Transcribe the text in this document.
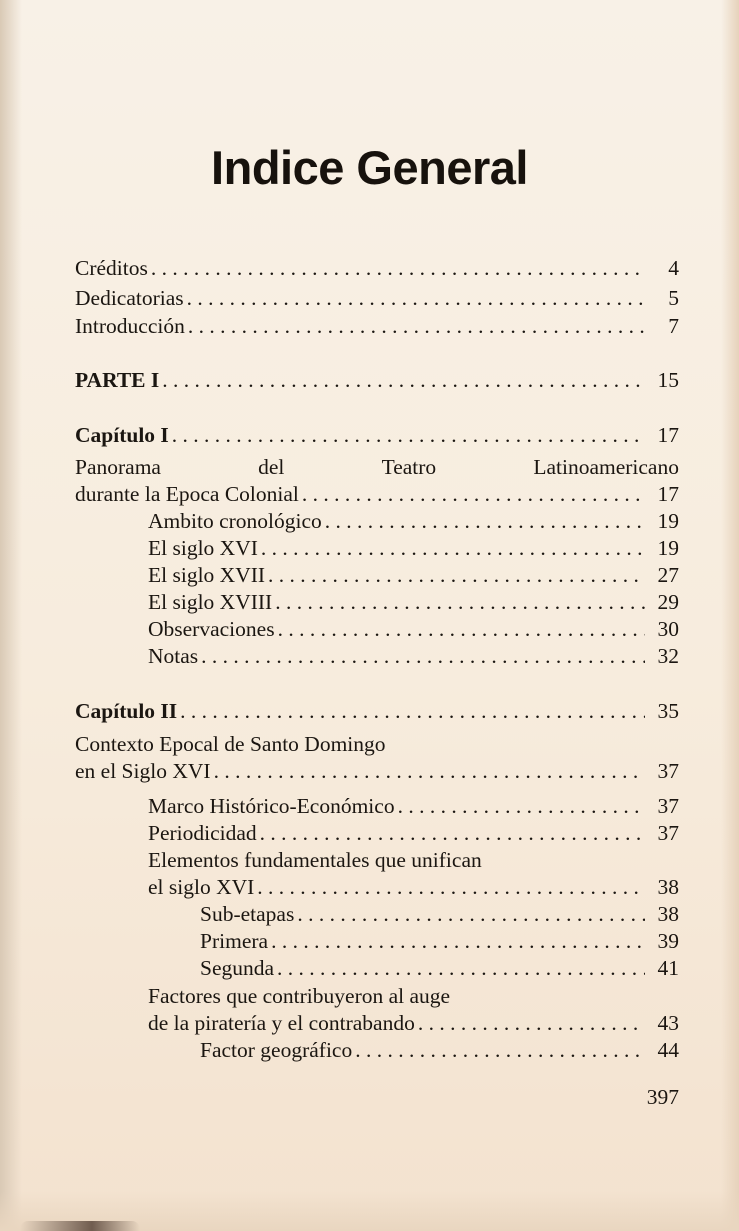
Indice General
Créditos . . .	4
Dedicatorias . . .	5
Introducción . . .	7
PARTE I . . .	15
Capítulo I . . .	17
Panorama	del	Teatro	Latinoamericano
durante la Epoca Colonial . . .	17
Ambito cronológico . . .	19
El siglo XVI . . .	19
El siglo XVII . . .	27
El siglo XVIII . . .	29
Observaciones . . .	30
Notas . . .	32
Capítulo II . . .	35
Contexto Epocal de Santo Domingo
en el Siglo XVI . . .	37
Marco Histórico-Económico . . .	37
Periodicidad . . .	37
Elementos fundamentales que unifican
el siglo XVI . . .	38
Sub-etapas . . .	38
Primera . . .	39
Segunda . . .	41
Factores que contribuyeron al auge
de la piratería y el contrabando . . .	43
Factor geográfico . . .	44
397
